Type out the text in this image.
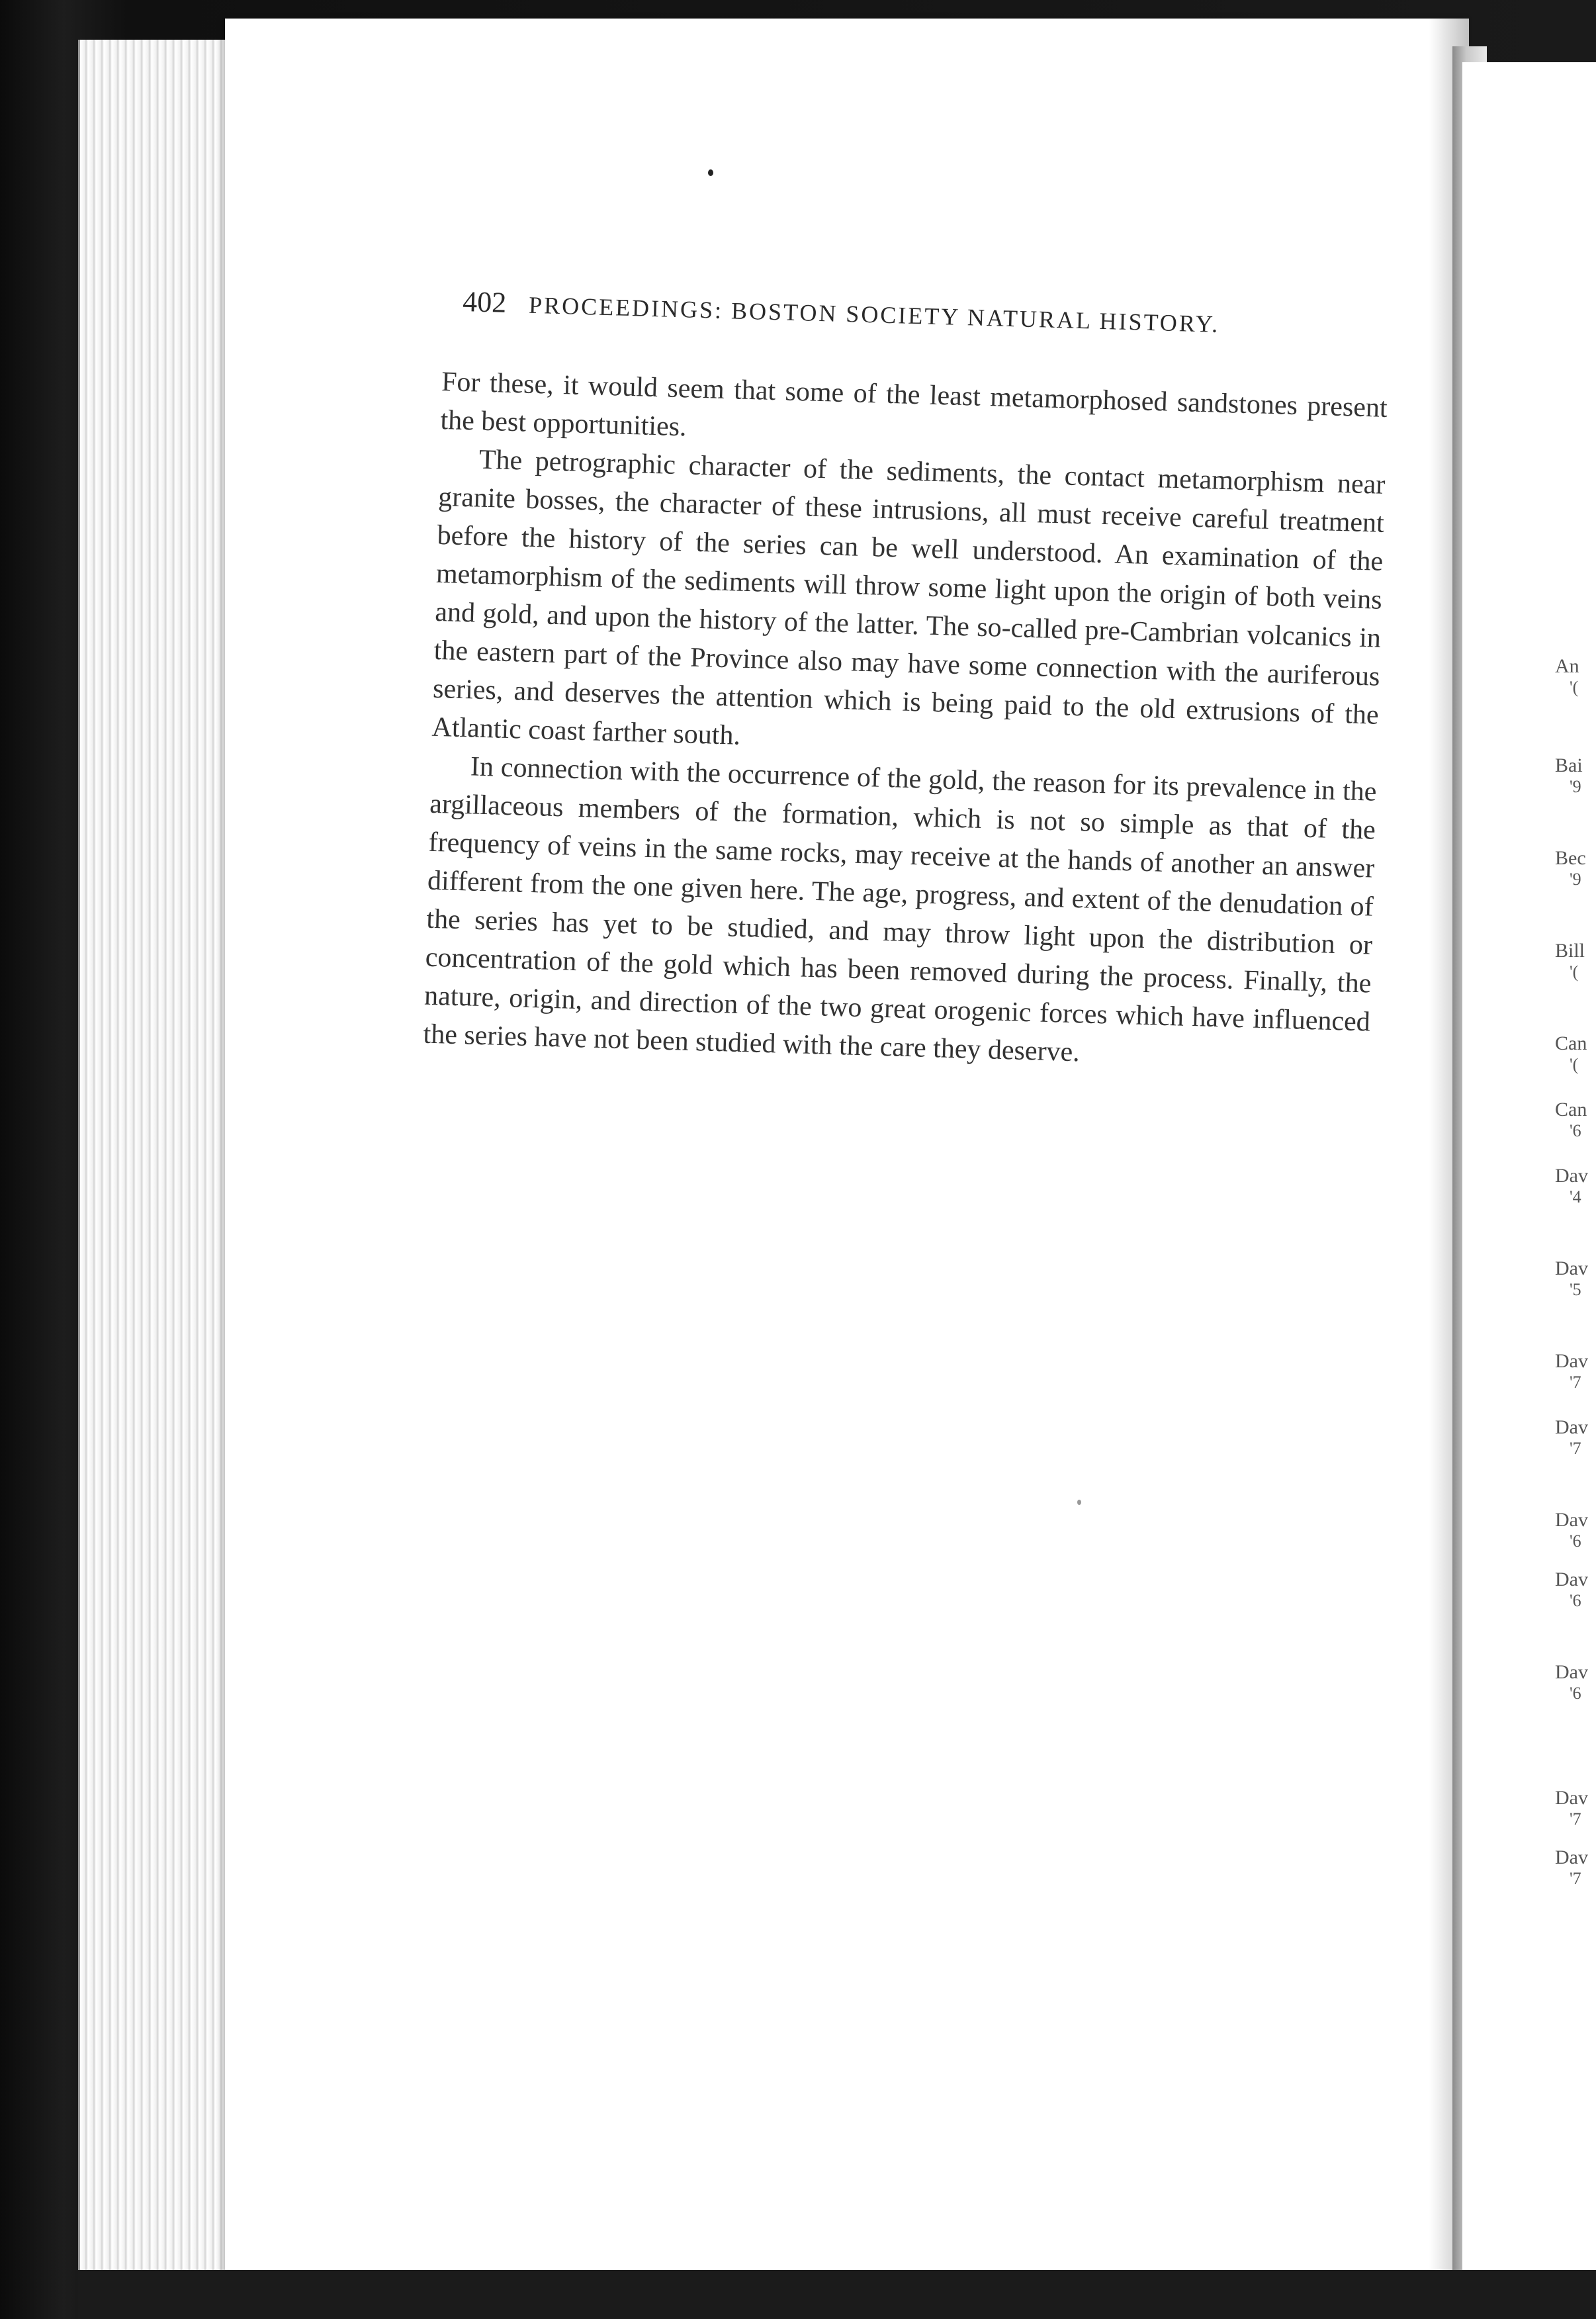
402 PROCEEDINGS: BOSTON SOCIETY NATURAL HISTORY.

For these, it would seem that some of the least metamorphosed sandstones present the best opportunities.

The petrographic character of the sediments, the contact metamorphism near granite bosses, the character of these intrusions, all must receive careful treatment before the history of the series can be well understood. An examination of the metamorphism of the sediments will throw some light upon the origin of both veins and gold, and upon the history of the latter. The so-called pre-Cambrian volcanics in the eastern part of the Province also may have some connection with the auriferous series, and deserves the attention which is being paid to the old extrusions of the Atlantic coast farther south.

In connection with the occurrence of the gold, the reason for its prevalence in the argillaceous members of the formation, which is not so simple as that of the frequency of veins in the same rocks, may receive at the hands of another an answer different from the one given here. The age, progress, and extent of the denudation of the series has yet to be studied, and may throw light upon the distribution or concentration of the gold which has been removed during the process. Finally, the nature, origin, and direction of the two great orogenic forces which have influenced the series have not been studied with the care they deserve.

An
'(
Bai
'9
Bec
'9
Bill
'(
Can
'(
Can
'6
Dav
'4
Dav
'5
Dav
'7
Dav
'7
Dav
'6
Dav
'6
Dav
'6
Dav
'7
Dav
'7
